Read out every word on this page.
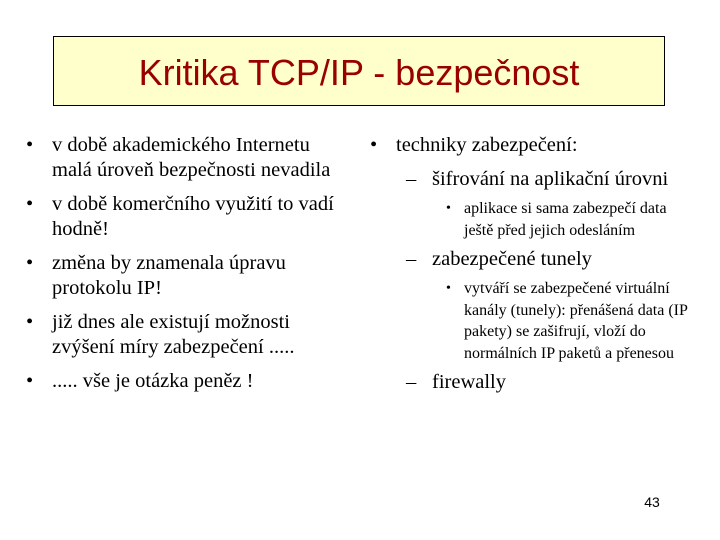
Kritika TCP/IP - bezpečnost
• v době akademického Internetu malá úroveň bezpečnosti nevadila
• v době komerčního využití to vadí hodně!
• změna by znamenala úpravu protokolu IP!
• již dnes ale existují možnosti zvýšení míry zabezpečení .....
• ..... vše je otázka peněz !
• techniky zabezpečení:
– šifrování na aplikační úrovni
• aplikace si sama zabezpečí data ještě před jejich odesláním
– zabezpečené tunely
• vytváří se zabezpečené virtuální kanály (tunely): přenášená data (IP pakety) se zašifrují, vloží do normálních IP paketů a přenesou
– firewally
43
